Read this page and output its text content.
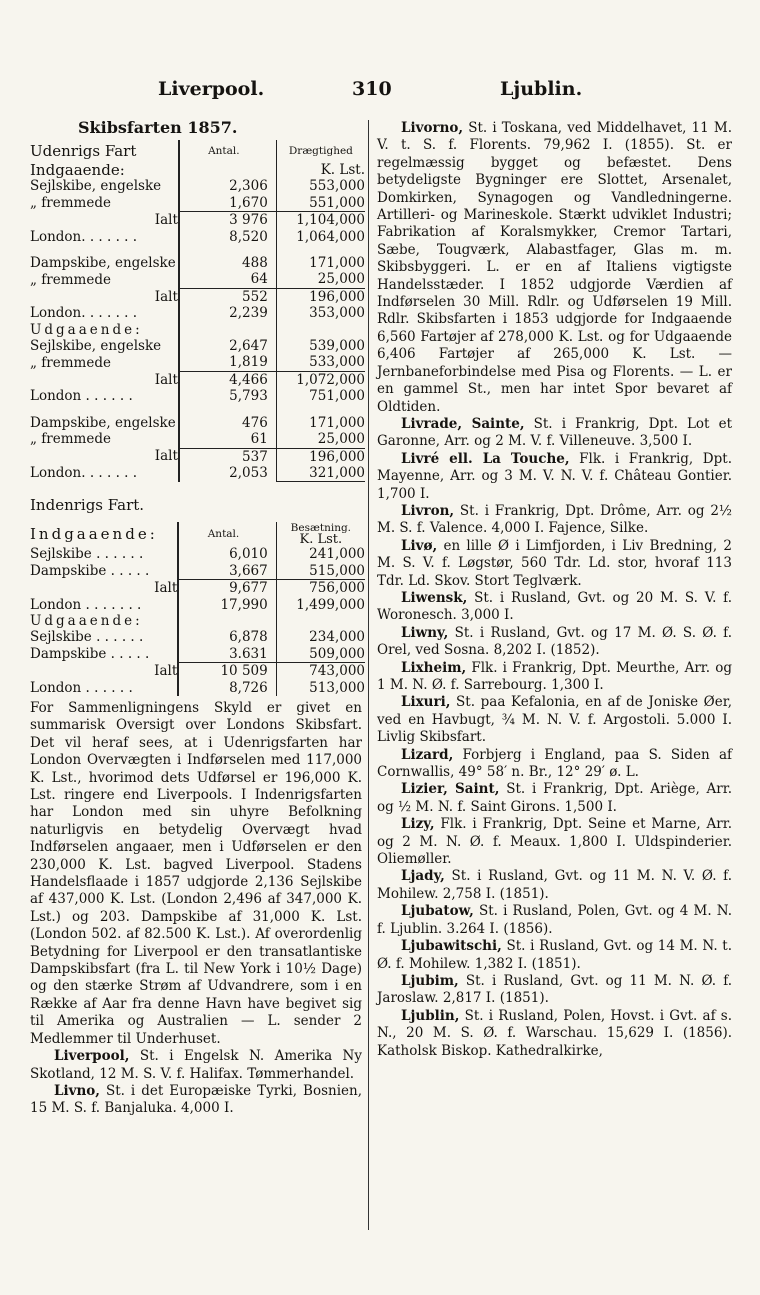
Liverpool.	310	Ljublin.
Skibsfarten 1857.
Udenrigs Fart	Antal.	Drægtighed
Indgaaende:		K. Lst.
Sejlskibe, engelske	2,306	553,000
„ fremmede	1,670	551,000
Ialt	3 976	1,104,000
London. . . . . . .	8,520	1,064,000

Dampskibe, engelske	488	171,000
„ fremmede	64	25,000
Ialt	552	196,000
London. . . . . . .	2,239	353,000
Udgaaende:		
Sejlskibe, engelske	2,647	539,000
„ fremmede	1,819	533,000
Ialt	4,466	1,072,000
London . . . . . .	5,793	751,000

Dampskibe, engelske	476	171,000
„ fremmede	61	25,000
Ialt	537	196,000
London. . . . . . .	2,053	321,000
Indenrigs Fart.
Indgaaende:	Antal.	Besætning.
K. Lst.
Sejlskibe . . . . . .	6,010	241,000
Dampskibe . . . . .	3,667	515,000
Ialt	9,677	756,000
London . . . . . . .	17,990	1,499,000
Udgaaende:		
Sejlskibe . . . . . .	6,878	234,000
Dampskibe . . . . .	3.631	509,000
Ialt	10 509	743,000
London . . . . . .	8,726	513,000

For Sammenligningens Skyld er givet en summarisk Oversigt over Londons Skibsfart. Det vil heraf sees, at i Udenrigsfarten har London Overvægten i Indførselen med 117,000 K. Lst., hvorimod dets Udførsel er 196,000 K. Lst. ringere end Liverpools. I Indenrigsfarten har London med sin uhyre Befolkning naturligvis en betydelig Overvægt hvad Indførselen angaaer, men i Udførselen er den 230,000 K. Lst. bagved Liverpool. Stadens Handelsflaade i 1857 udgjorde 2,136 Sejlskibe af 437,000 K. Lst. (London 2,496 af 347,000 K. Lst.) og 203. Dampskibe af 31,000 K. Lst. (London 502. af 82.500 K. Lst.). Af overordenlig Betydning for Liverpool er den transatlantiske Dampskibsfart (fra L. til New York i 10½ Dage) og den stærke Strøm af Udvandrere, som i en Række af Aar fra denne Havn have begivet sig til Amerika og Australien — L. sender 2 Medlemmer til Underhuset.

Liverpool, St. i Engelsk N. Amerika Ny Skotland, 12 M. S. V. f. Halifax. Tømmerhandel.

Livno, St. i det Europæiske Tyrki, Bosnien, 15 M. S. f. Banjaluka. 4,000 I.

Livorno, St. i Toskana, ved Middelhavet, 11 M. V. t. S. f. Florents. 79,962 I. (1855). St. er regelmæssig bygget og befæstet. Dens betydeligste Bygninger ere Slottet, Arsenalet, Domkirken, Synagogen og Vandledningerne. Artilleri- og Marineskole. Stærkt udviklet Industri; Fabrikation af Koralsmykker, Cremor Tartari, Sæbe, Tougværk, Alabastfager, Glas m. m. Skibsbyggeri. L. er en af Italiens vigtigste Handelsstæder. I 1852 udgjorde Værdien af Indførselen 30 Mill. Rdlr. og Udførselen 19 Mill. Rdlr. Skibsfarten i 1853 udgjorde for Indgaaende 6,560 Fartøjer af 278,000 K. Lst. og for Udgaaende 6,406 Fartøjer af 265,000 K. Lst. — Jernbaneforbindelse med Pisa og Florents. — L. er en gammel St., men har intet Spor bevaret af Oldtiden.

Livrade, Sainte, St. i Frankrig, Dpt. Lot et Garonne, Arr. og 2 M. V. f. Villeneuve. 3,500 I.

Livré ell. La Touche, Flk. i Frankrig, Dpt. Mayenne, Arr. og 3 M. V. N. V. f. Château Gontier. 1,700 I.

Livron, St. i Frankrig, Dpt. Drôme, Arr. og 2½ M. S. f. Valence. 4,000 I. Fajence, Silke.

Livø, en lille Ø i Limfjorden, i Liv Bredning, 2 M. S. V. f. Løgstør, 560 Tdr. Ld. stor, hvoraf 113 Tdr. Ld. Skov. Stort Teglværk.

Liwensk, St. i Rusland, Gvt. og 20 M. S. V. f. Woronesch. 3,000 I.

Liwny, St. i Rusland, Gvt. og 17 M. Ø. S. Ø. f. Orel, ved Sosna. 8,202 I. (1852).

Lixheim, Flk. i Frankrig, Dpt. Meurthe, Arr. og 1 M. N. Ø. f. Sarrebourg. 1,300 I.

Lixuri, St. paa Kefalonia, en af de Joniske Øer, ved en Havbugt, ¾ M. N. V. f. Argostoli. 5.000 I. Livlig Skibsfart.

Lizard, Forbjerg i England, paa S. Siden af Cornwallis, 49° 58′ n. Br., 12° 29′ ø. L.

Lizier, Saint, St. i Frankrig, Dpt. Ariège, Arr. og ½ M. N. f. Saint Girons. 1,500 I.

Lizy, Flk. i Frankrig, Dpt. Seine et Marne, Arr. og 2 M. N. Ø. f. Meaux. 1,800 I. Uldspinderier. Oliemøller.

Ljady, St. i Rusland, Gvt. og 11 M. N. V. Ø. f. Mohilew. 2,758 I. (1851).

Ljubatow, St. i Rusland, Polen, Gvt. og 4 M. N. f. Ljublin. 3.264 I. (1856).

Ljubawitschi, St. i Rusland, Gvt. og 14 M. N. t. Ø. f. Mohilew. 1,382 I. (1851).

Ljubim, St. i Rusland, Gvt. og 11 M. N. Ø. f. Jaroslaw. 2,817 I. (1851).

Ljublin, St. i Rusland, Polen, Hovst. i Gvt. af s. N., 20 M. S. Ø. f. Warschau. 15,629 I. (1856). Katholsk Biskop. Kathedralkirke,
